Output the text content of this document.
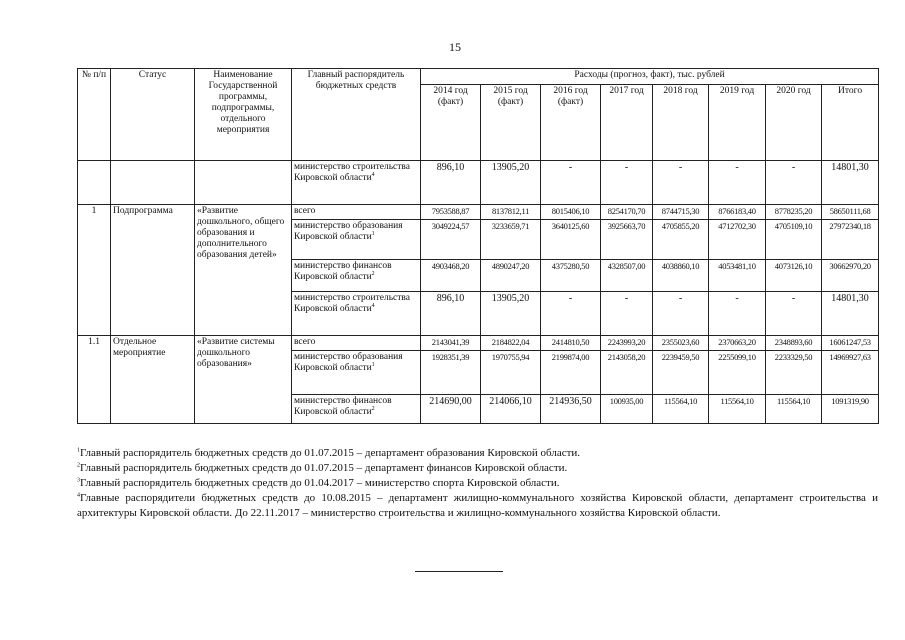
15
№ п/п	Статус	Наименование Государственной программы, подпрограммы, отдельного мероприятия	Главный распорядитель бюджетных средств	Расходы (прогноз, факт), тыс. рублей							
				2014 год (факт)	2015 год (факт)	2016 год (факт)	2017 год	2018 год	2019 год	2020 год	Итого
			министерство строительства Кировской области$^4$	896,10	13905,20	-	-	-	-	-	14801,30
1	Подпрограмма	«Развитие дошкольного, общего образования и дополнительного образования детей»	всего	7953588,87	8137812,11	8015406,10	8254170,70	8744715,30	8766183,40	8778235,20	58650111,68
			министерство образования Кировской области$^1$	3049224,57	3233659,71	3640125,60	3925663,70	4705855,20	4712702,30	4705109,10	27972340,18
			министерство финансов Кировской области$^2$	4903468,20	4890247,20	4375280,50	4328507,00	4038860,10	4053481,10	4073126,10	30662970,20
			министерство строительства Кировской области$^4$	896,10	13905,20	-	-	-	-	-	14801,30
1.1	Отдельное мероприятие	«Развитие системы дошкольного образования»	всего	2143041,39	2184822,04	2414810,50	2243993,20	2355023,60	2370663,20	2348893,60	16061247,53
			министерство образования Кировской области$^1$	1928351,39	1970755,94	2199874,00	2143058,20	2239459,50	2255099,10	2233329,50	14969927,63
			министерство финансов Кировской области$^2$	214690,00	214066,10	214936,50	100935,00	115564,10	115564,10	115564,10	1091319,90

$^1$Главный распорядитель бюджетных средств до 01.07.2015 – департамент образования Кировской области.

$^2$Главный распорядитель бюджетных средств до 01.07.2015 – департамент финансов Кировской области.

$^3$Главный распорядитель бюджетных средств до 01.04.2017 – министерство спорта Кировской области.

$^4$Главные распорядители бюджетных средств до 10.08.2015 – департамент жилищно-коммунального хозяйства Кировской области, департамент строительства и архитектуры Кировской области. До 22.11.2017 – министерство строительства и жилищно-коммунального хозяйства Кировской области.
